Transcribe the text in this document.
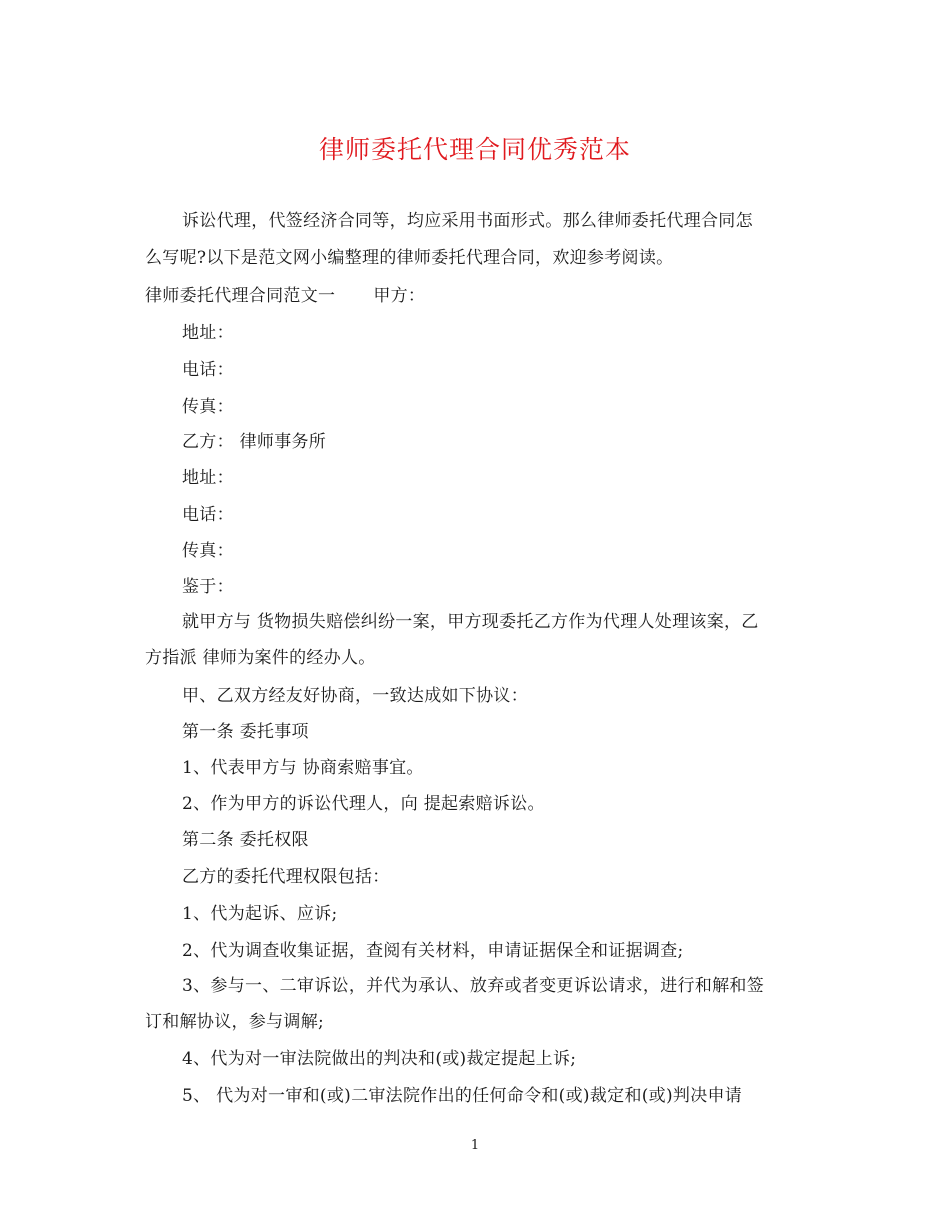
律师委托代理合同优秀范本
诉讼代理，代签经济合同等，均应采用书面形式。那么律师委托代理合同怎
么写呢?以下是范文网小编整理的律师委托代理合同，欢迎参考阅读。
律师委托代理合同范文一 甲方：
地址：
电话：
传真：
乙方： 律师事务所
地址：
电话：
传真：
鉴于：
就甲方与 货物损失赔偿纠纷一案，甲方现委托乙方作为代理人处理该案，乙
方指派 律师为案件的经办人。
甲、乙双方经友好协商，一致达成如下协议：
第一条 委托事项
1、代表甲方与 协商索赔事宜。
2、作为甲方的诉讼代理人，向 提起索赔诉讼。
第二条 委托权限
乙方的委托代理权限包括：
1、代为起诉、应诉;
2、代为调查收集证据，查阅有关材料，申请证据保全和证据调查;
3、参与一、二审诉讼，并代为承认、放弃或者变更诉讼请求，进行和解和签
订和解协议，参与调解;
4、代为对一审法院做出的判决和(或)裁定提起上诉;
5、 代为对一审和(或)二审法院作出的任何命令和(或)裁定和(或)判决申请
1
